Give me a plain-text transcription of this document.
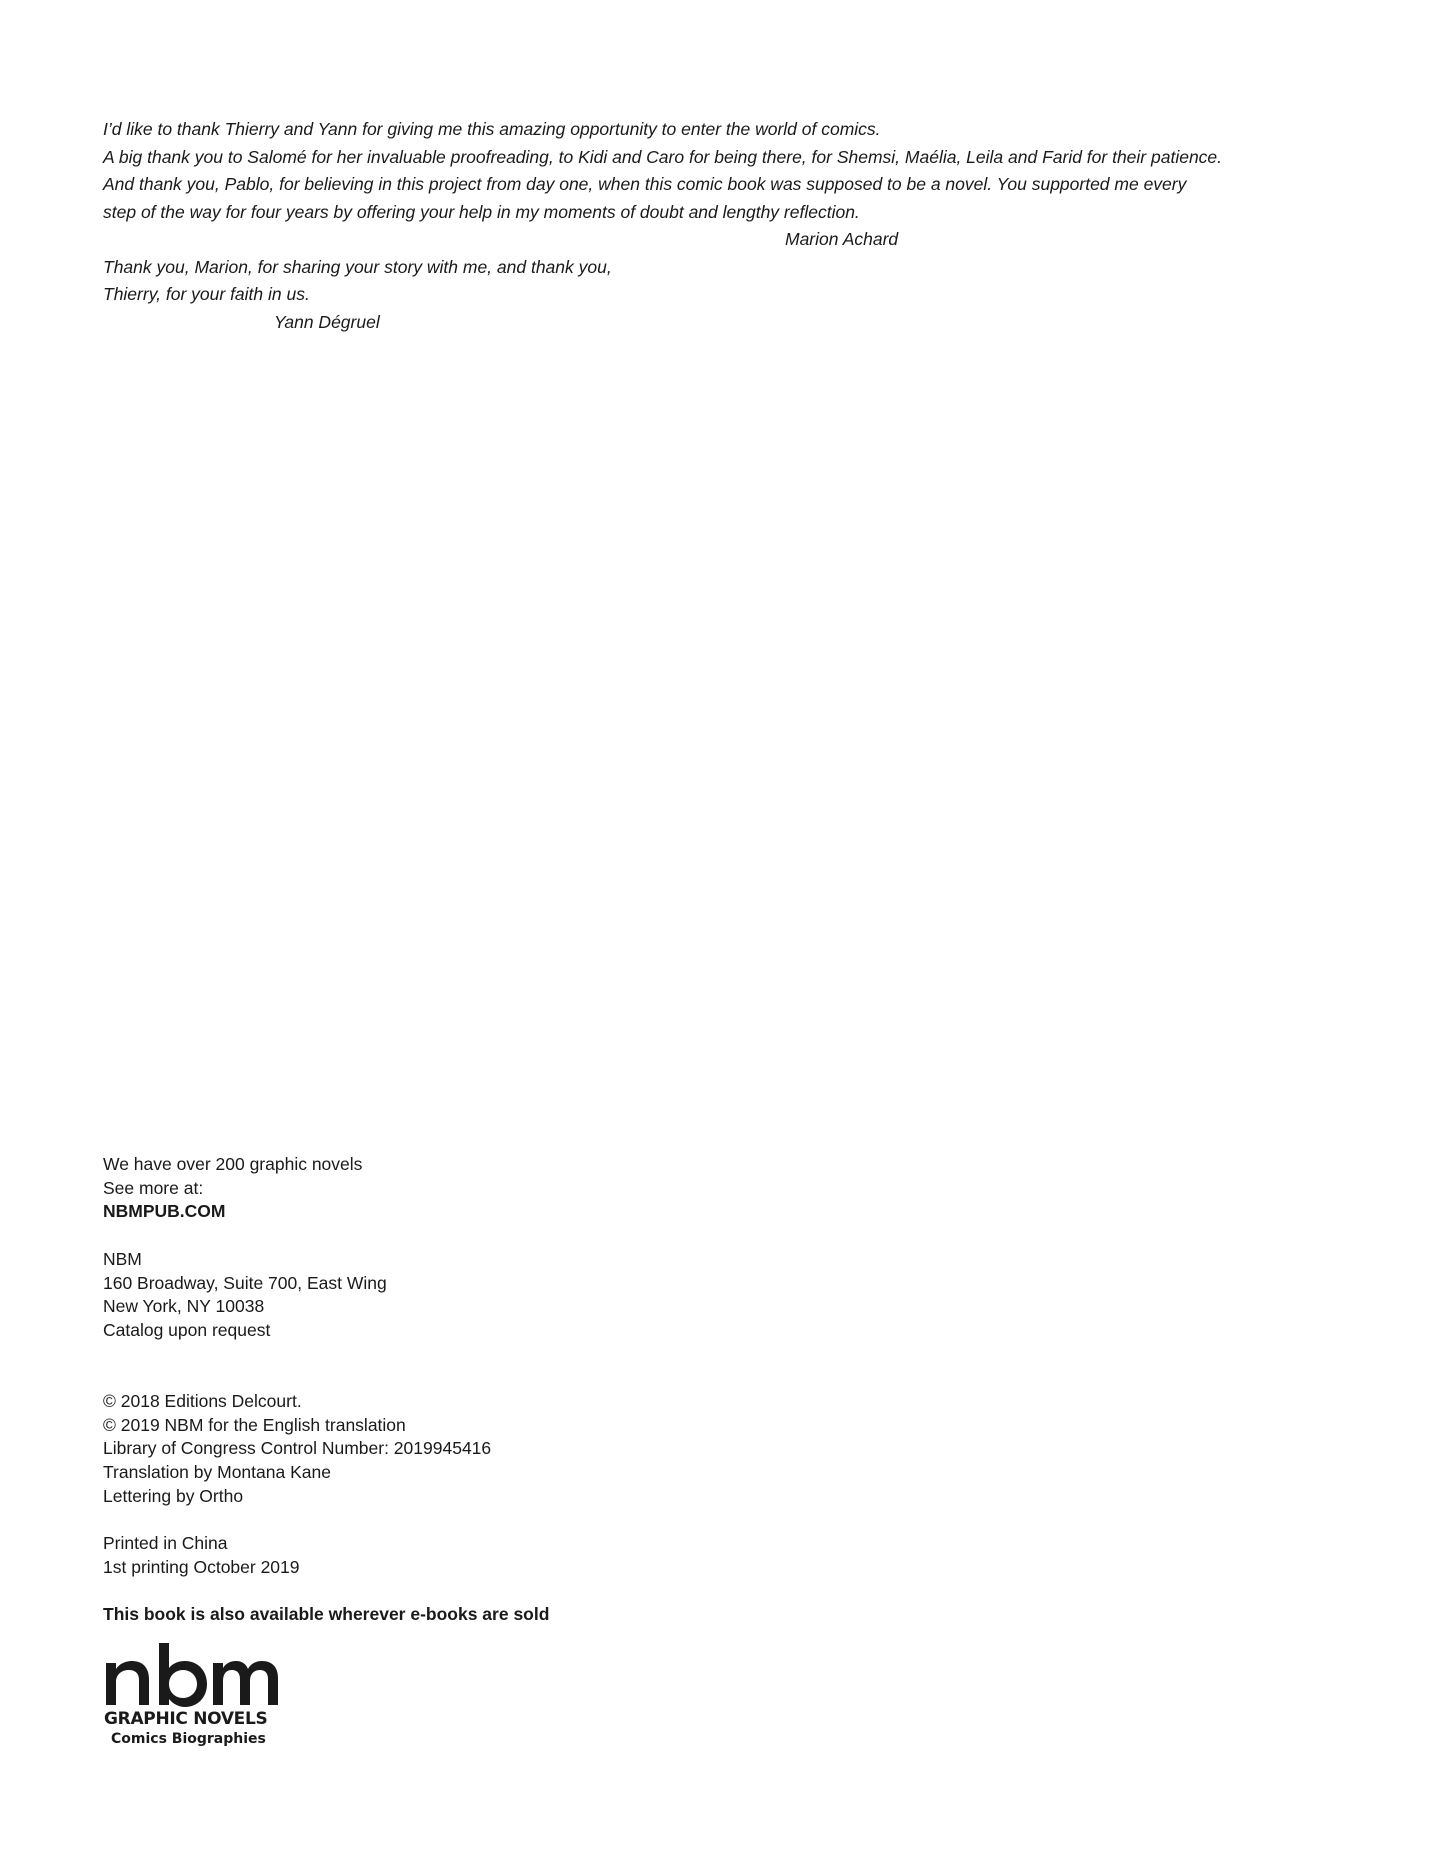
I’d like to thank Thierry and Yann for giving me this amazing opportunity to enter the world of comics.
A big thank you to Salomé for her invaluable proofreading, to Kidi and Caro for being there, for Shemsi, Maélia, Leila and Farid for their patience.
And thank you, Pablo, for believing in this project from day one, when this comic book was supposed to be a novel. You supported me every
step of the way for four years by offering your help in my moments of doubt and lengthy reflection.
Marion Achard
Thank you, Marion, for sharing your story with me, and thank you,
Thierry, for your faith in us.
Yann Dégruel
We have over 200 graphic novels
See more at:
NBMPUB.COM
NBM
160 Broadway, Suite 700, East Wing
New York, NY 10038
Catalog upon request
© 2018 Editions Delcourt.
© 2019 NBM for the English translation
Library of Congress Control Number: 2019945416
Translation by Montana Kane
Lettering by Ortho
Printed in China
1st printing October 2019
This book is also available wherever e-books are sold
GRAPHIC NOVELS
Comics Biographies
